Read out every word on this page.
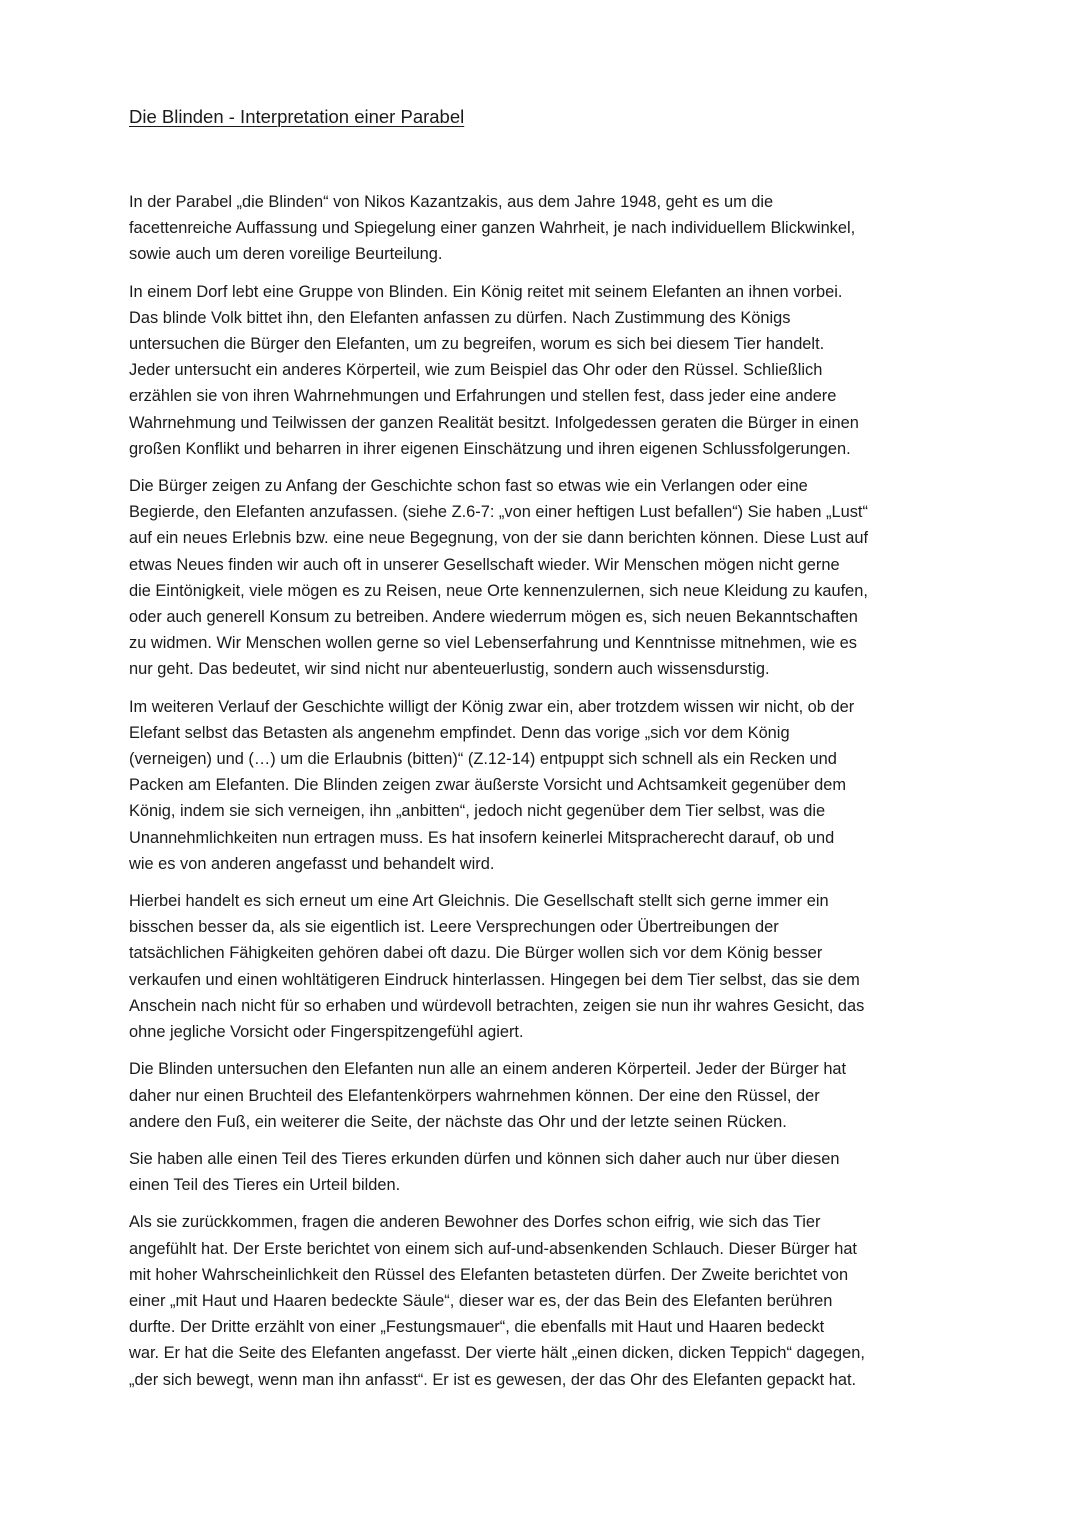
Die Blinden - Interpretation einer Parabel

In der Parabel „die Blinden“ von Nikos Kazantzakis, aus dem Jahre 1948, geht es um die
facettenreiche Auffassung und Spiegelung einer ganzen Wahrheit, je nach individuellem Blickwinkel,
sowie auch um deren voreilige Beurteilung.

In einem Dorf lebt eine Gruppe von Blinden. Ein König reitet mit seinem Elefanten an ihnen vorbei.
Das blinde Volk bittet ihn, den Elefanten anfassen zu dürfen. Nach Zustimmung des Königs
untersuchen die Bürger den Elefanten, um zu begreifen, worum es sich bei diesem Tier handelt.
Jeder untersucht ein anderes Körperteil, wie zum Beispiel das Ohr oder den Rüssel. Schließlich
erzählen sie von ihren Wahrnehmungen und Erfahrungen und stellen fest, dass jeder eine andere
Wahrnehmung und Teilwissen der ganzen Realität besitzt. Infolgedessen geraten die Bürger in einen
großen Konflikt und beharren in ihrer eigenen Einschätzung und ihren eigenen Schlussfolgerungen.

Die Bürger zeigen zu Anfang der Geschichte schon fast so etwas wie ein Verlangen oder eine
Begierde, den Elefanten anzufassen. (siehe Z.6-7: „von einer heftigen Lust befallen“) Sie haben „Lust“
auf ein neues Erlebnis bzw. eine neue Begegnung, von der sie dann berichten können. Diese Lust auf
etwas Neues finden wir auch oft in unserer Gesellschaft wieder. Wir Menschen mögen nicht gerne
die Eintönigkeit, viele mögen es zu Reisen, neue Orte kennenzulernen, sich neue Kleidung zu kaufen,
oder auch generell Konsum zu betreiben. Andere wiederrum mögen es, sich neuen Bekanntschaften
zu widmen. Wir Menschen wollen gerne so viel Lebenserfahrung und Kenntnisse mitnehmen, wie es
nur geht. Das bedeutet, wir sind nicht nur abenteuerlustig, sondern auch wissensdurstig.

Im weiteren Verlauf der Geschichte willigt der König zwar ein, aber trotzdem wissen wir nicht, ob der
Elefant selbst das Betasten als angenehm empfindet. Denn das vorige „sich vor dem König
(verneigen) und (…) um die Erlaubnis (bitten)“ (Z.12-14) entpuppt sich schnell als ein Recken und
Packen am Elefanten. Die Blinden zeigen zwar äußerste Vorsicht und Achtsamkeit gegenüber dem
König, indem sie sich verneigen, ihn „anbitten“, jedoch nicht gegenüber dem Tier selbst, was die
Unannehmlichkeiten nun ertragen muss. Es hat insofern keinerlei Mitspracherecht darauf, ob und
wie es von anderen angefasst und behandelt wird.

Hierbei handelt es sich erneut um eine Art Gleichnis. Die Gesellschaft stellt sich gerne immer ein
bisschen besser da, als sie eigentlich ist. Leere Versprechungen oder Übertreibungen der
tatsächlichen Fähigkeiten gehören dabei oft dazu. Die Bürger wollen sich vor dem König besser
verkaufen und einen wohltätigeren Eindruck hinterlassen. Hingegen bei dem Tier selbst, das sie dem
Anschein nach nicht für so erhaben und würdevoll betrachten, zeigen sie nun ihr wahres Gesicht, das
ohne jegliche Vorsicht oder Fingerspitzengefühl agiert.

Die Blinden untersuchen den Elefanten nun alle an einem anderen Körperteil. Jeder der Bürger hat
daher nur einen Bruchteil des Elefantenkörpers wahrnehmen können. Der eine den Rüssel, der
andere den Fuß, ein weiterer die Seite, der nächste das Ohr und der letzte seinen Rücken.

Sie haben alle einen Teil des Tieres erkunden dürfen und können sich daher auch nur über diesen
einen Teil des Tieres ein Urteil bilden.

Als sie zurückkommen, fragen die anderen Bewohner des Dorfes schon eifrig, wie sich das Tier
angefühlt hat. Der Erste berichtet von einem sich auf-und-absenkenden Schlauch. Dieser Bürger hat
mit hoher Wahrscheinlichkeit den Rüssel des Elefanten betasteten dürfen. Der Zweite berichtet von
einer „mit Haut und Haaren bedeckte Säule“, dieser war es, der das Bein des Elefanten berühren
durfte. Der Dritte erzählt von einer „Festungsmauer“, die ebenfalls mit Haut und Haaren bedeckt
war. Er hat die Seite des Elefanten angefasst. Der vierte hält „einen dicken, dicken Teppich“ dagegen,
„der sich bewegt, wenn man ihn anfasst“. Er ist es gewesen, der das Ohr des Elefanten gepackt hat.
